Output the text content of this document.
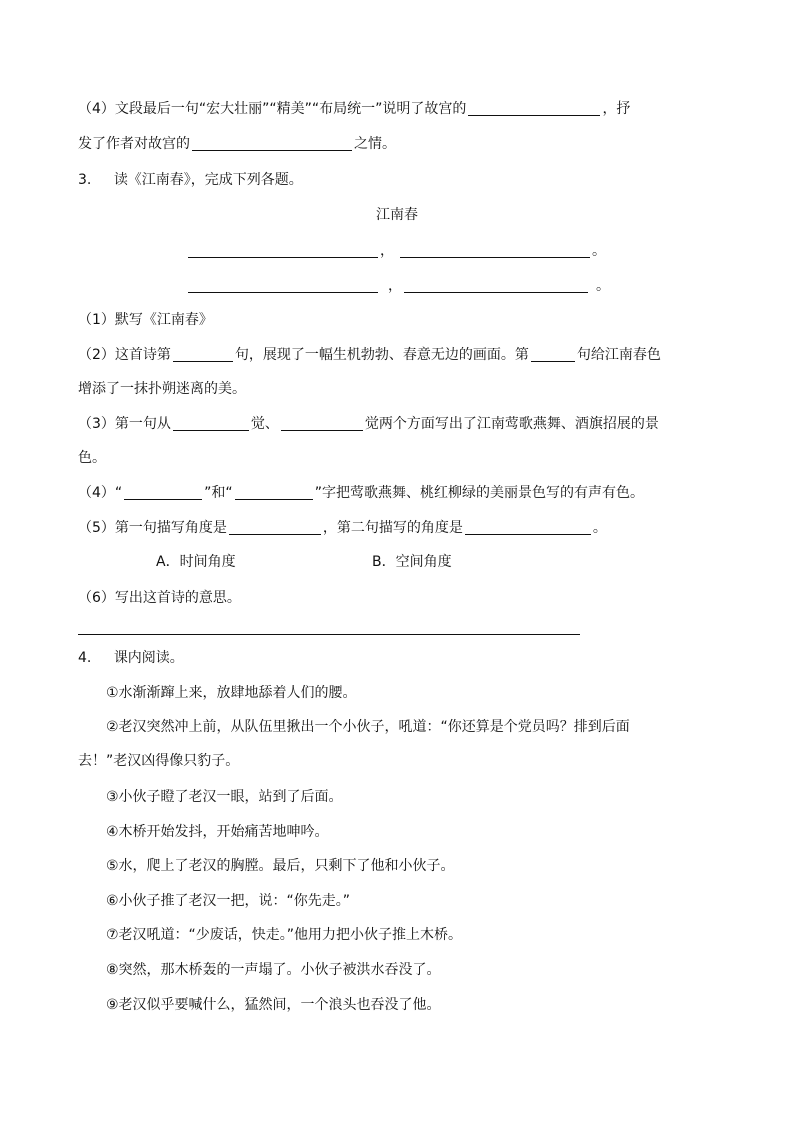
（4）文段最后一句“宏大壮丽”“精美”“布局统一”说明了故宫的	，抒
发了作者对故宫的	之情。
3. 读《江南春》，完成下列各题。
江南春
，	。
，	。
（1）默写《江南春》
（2）这首诗第	句，展现了一幅生机勃勃、春意无边的画面。第	句给江南春色
增添了一抹扑朔迷离的美。
（3）第一句从	觉、	觉两个方面写出了江南莺歌燕舞、酒旗招展的景
色。
（4）“	”和“	”字把莺歌燕舞、桃红柳绿的美丽景色写的有声有色。
（5）第一句描写角度是	，第二句描写的角度是	。
A．时间角度	B．空间角度
（6）写出这首诗的意思。
4. 课内阅读。
①水渐渐蹿上来，放肆地舔着人们的腰。
②老汉突然冲上前，从队伍里揪出一个小伙子，吼道：“你还算是个党员吗？排到后面
去！”老汉凶得像只豹子。
③小伙子瞪了老汉一眼，站到了后面。
④木桥开始发抖，开始痛苦地呻吟。
⑤水，爬上了老汉的胸膛。最后，只剩下了他和小伙子。
⑥小伙子推了老汉一把，说：“你先走。”
⑦老汉吼道：“少废话，快走。”他用力把小伙子推上木桥。
⑧突然，那木桥轰的一声塌了。小伙子被洪水吞没了。
⑨老汉似乎要喊什么，猛然间，一个浪头也吞没了他。
